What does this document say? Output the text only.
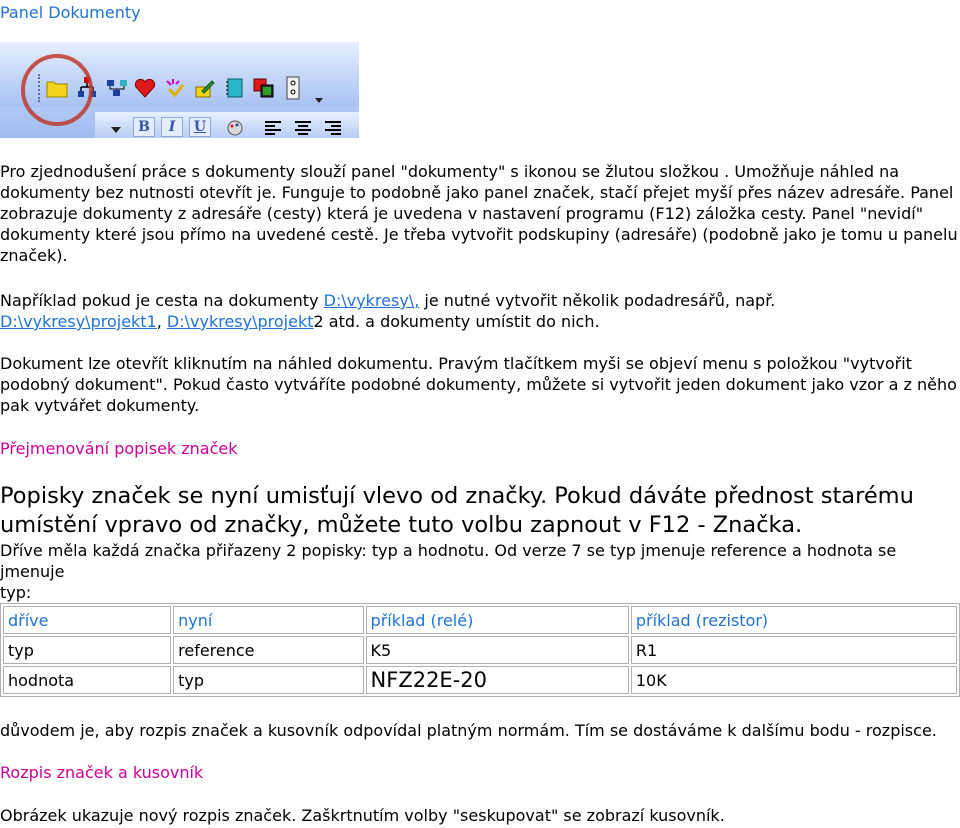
Panel Dokumenty
B	I	U
Pro zjednodušení práce s dokumenty slouží panel "dokumenty" s ikonou se žlutou složkou . Umožňuje náhled na
dokumenty bez nutnosti otevřít je. Funguje to podobně jako panel značek, stačí přejet myší přes název adresáře. Panel
zobrazuje dokumenty z adresáře (cesty) která je uvedena v nastavení programu (F12) záložka cesty. Panel "nevidí"
dokumenty které jsou přímo na uvedené cestě. Je třeba vytvořit podskupiny (adresáře) (podobně jako je tomu u panelu
značek).
Například pokud je cesta na dokumenty D:\vykresy\, je nutné vytvořit několik podadresářů, např.
D:\vykresy\projekt1, D:\vykresy\projekt2 atd. a dokumenty umístit do nich.
Dokument lze otevřít kliknutím na náhled dokumentu. Pravým tlačítkem myši se objeví menu s položkou "vytvořit
podobný dokument". Pokud často vytváříte podobné dokumenty, můžete si vytvořit jeden dokument jako vzor a z něho
pak vytvářet dokumenty.
Přejmenování popisek značek
Popisky značek se nyní umisťují vlevo od značky. Pokud dáváte přednost starému
umístění vpravo od značky, můžete tuto volbu zapnout v F12 - Značka.
Dříve měla každá značka přiřazeny 2 popisky: typ a hodnotu. Od verze 7 se typ jmenuje reference a hodnota se jmenuje
typ:
dříve	nyní	příklad (relé)	příklad (rezistor)
typ	reference	K5	R1
hodnota	typ	NFZ22E-20	10K
důvodem je, aby rozpis značek a kusovník odpovídal platným normám. Tím se dostáváme k dalšímu bodu - rozpisce.
Rozpis značek a kusovník
Obrázek ukazuje nový rozpis značek. Zaškrtnutím volby "seskupovat" se zobrazí kusovník.
